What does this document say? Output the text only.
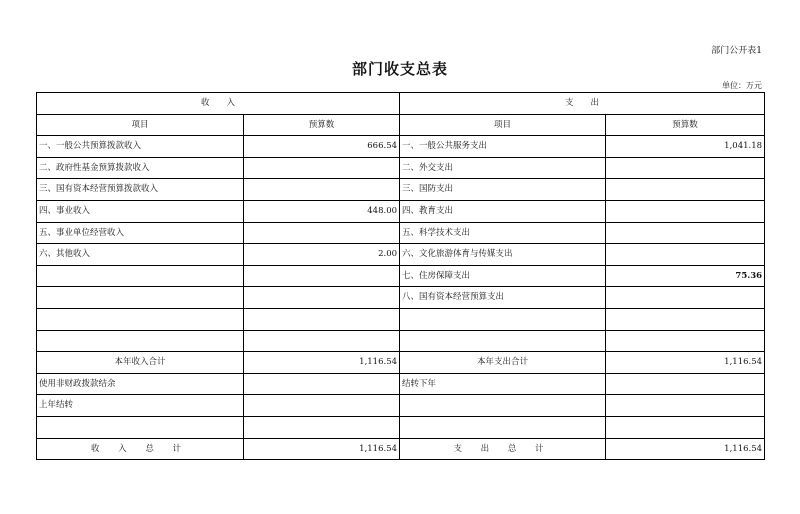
部门公开表1
部门收支总表
单位：万元
收　　入		支　　出	
项目	预算数	项目	预算数
一、一般公共预算拨款收入	666.54	一、一般公共服务支出	1,041.18
二、政府性基金预算拨款收入		二、外交支出	
三、国有资本经营预算拨款收入		三、国防支出	
四、事业收入	448.00	四、教育支出	
五、事业单位经营收入		五、科学技术支出	
六、其他收入	2.00	六、文化旅游体育与传媒支出	
		七、住房保障支出	75.36
		八、国有资本经营预算支出	

本年收入合计	1,116.54	本年支出合计	1,116.54
使用非财政拨款结余		结转下年	
上年结转			

收 入 总 计	1,116.54	支 出 总 计	1,116.54
